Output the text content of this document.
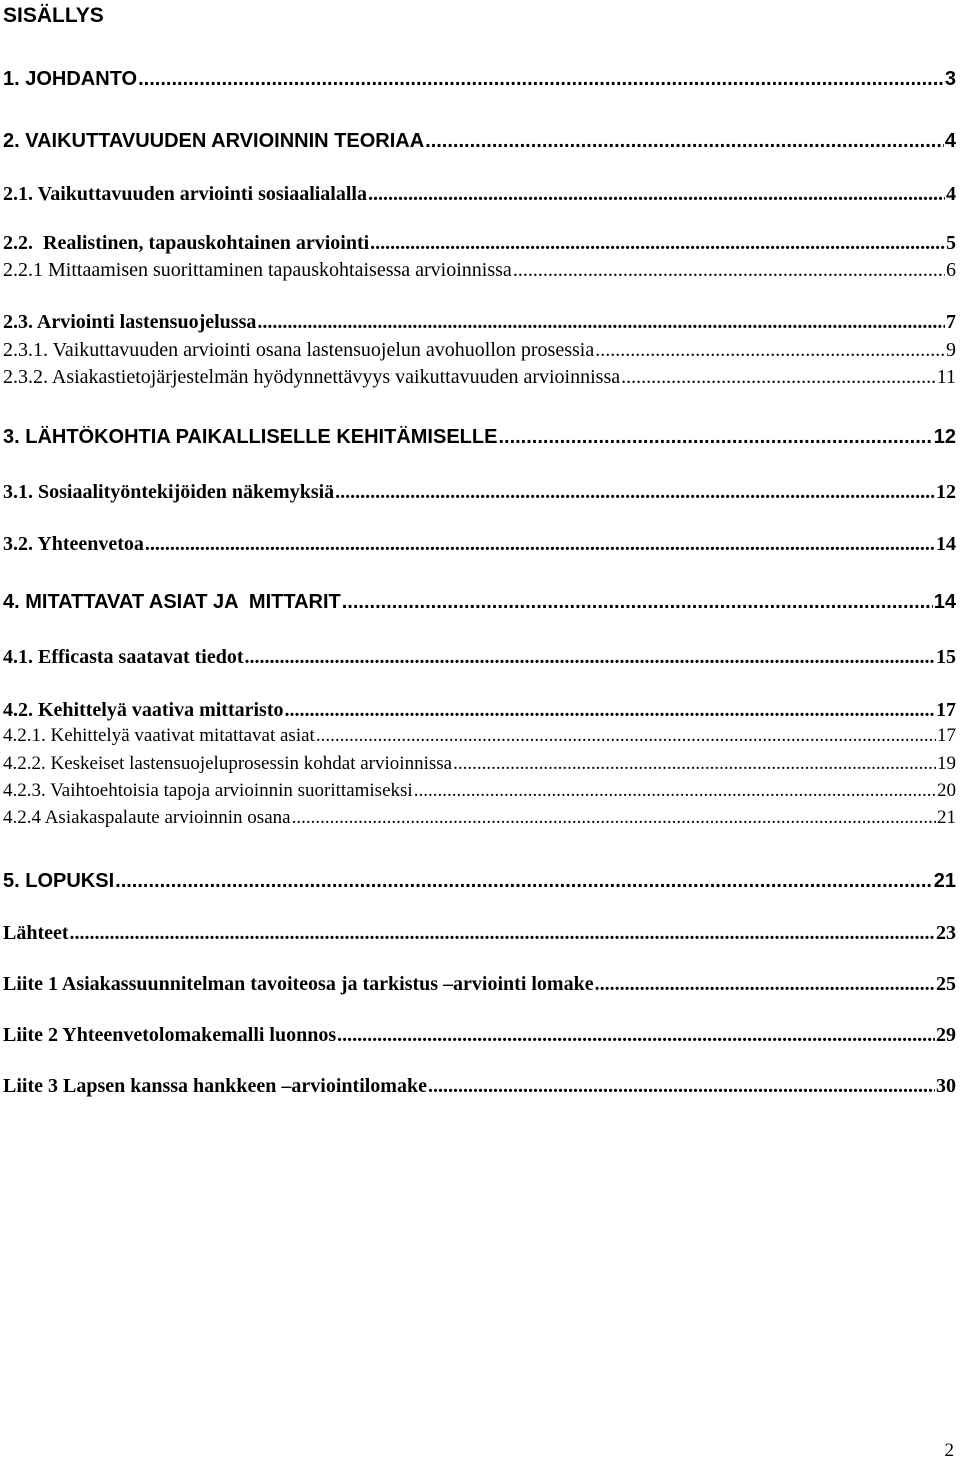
SISÄLLYS
1. JOHDANTO .....	3
2. VAIKUTTAVUUDEN ARVIOINNIN TEORIAA .....	4
2.1. Vaikuttavuuden arviointi sosiaalialalla .....	4
2.2.  Realistinen, tapauskohtainen arviointi .....	5
2.2.1 Mittaamisen suorittaminen tapauskohtaisessa arvioinnissa .....	6
2.3. Arviointi lastensuojelussa .....	7
2.3.1. Vaikuttavuuden arviointi osana lastensuojelun avohuollon prosessia .....	9
2.3.2. Asiakastietojärjestelmän hyödynnettävyys vaikuttavuuden arvioinnissa .....	11
3. LÄHTÖKOHTIA PAIKALLISELLE KEHITÄMISELLE .....	12
3.1. Sosiaalityöntekijöiden näkemyksiä .....	12
3.2. Yhteenvetoa .....	14
4. MITATTAVAT ASIAT JA  MITTARIT .....	14
4.1. Efficasta saatavat tiedot .....	15
4.2. Kehittelyä vaativa mittaristo .....	17
4.2.1. Kehittelyä vaativat mitattavat asiat .....	17
4.2.2. Keskeiset lastensuojeluprosessin kohdat arvioinnissa .....	19
4.2.3. Vaihtoehtoisia tapoja arvioinnin suorittamiseksi .....	20
4.2.4 Asiakaspalaute arvioinnin osana .....	21
5. LOPUKSI .....	21
Lähteet .....	23
Liite 1 Asiakassuunnitelman tavoiteosa ja tarkistus –arviointi lomake .....	25
Liite 2 Yhteenvetolomakemalli luonnos .....	29
Liite 3 Lapsen kanssa hankkeen –arviointilomake .....	30
2
